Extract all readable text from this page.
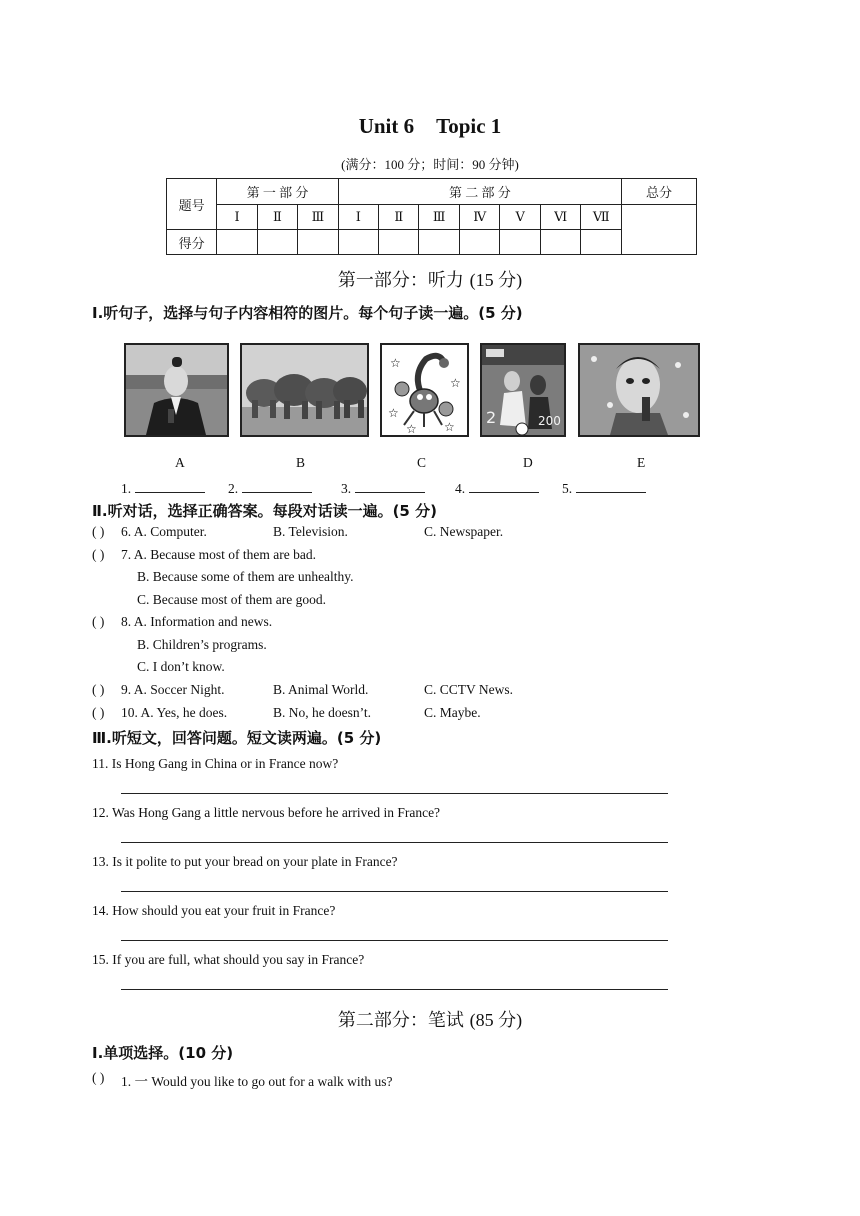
Unit 6 Topic 1
(满分：100 分；时间：90 分钟)
题号	第 一 部 分			第 二 部 分							总分
	Ⅰ	Ⅱ	Ⅲ	Ⅰ	Ⅱ	Ⅲ	Ⅳ	Ⅴ	Ⅵ	Ⅶ	
得分											
第一部分：听力 (15 分)
Ⅰ.听句子，选择与句子内容相符的图片。每个句子读一遍。(5 分)
☆
☆
☆
☆
☆
2	200
A	B	C	D	E
1.	2.	3.	4.	5.
Ⅱ.听对话，选择正确答案。每段对话读一遍。(5 分)
( ) 6. A. Computer.	B. Television.	C. Newspaper.
( ) 7. A. Because most of them are bad.
B. Because some of them are unhealthy.
C. Because most of them are good.
( ) 8. A. Information and news.
B. Children’s programs.
C. I don’t know.
( ) 9. A. Soccer Night.	B. Animal World.	C. CCTV News.
( ) 10. A. Yes, he does.	B. No, he doesn’t.	C. Maybe.
Ⅲ.听短文，回答问题。短文读两遍。(5 分)
11. Is Hong Gang in China or in France now?
12. Was Hong Gang a little nervous before he arrived in France?
13. Is it polite to put your bread on your plate in France?
14. How should you eat your fruit in France?
15. If you are full, what should you say in France?
第二部分：笔试 (85 分)
Ⅰ.单项选择。(10 分)
( ) 1. 一 Would you like to go out for a walk with us?
